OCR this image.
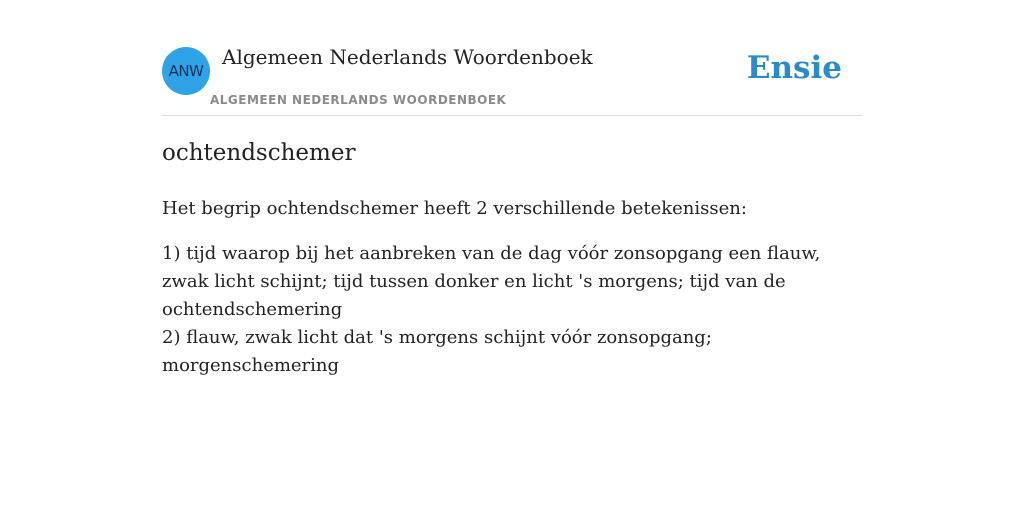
ANW
Algemeen Nederlands Woordenboek
ALGEMEEN NEDERLANDS WOORDENBOEK
Ensie
ochtendschemer

Het begrip ochtendschemer heeft 2 verschillende betekenissen:

1) tijd waarop bij het aanbreken van de dag vóór zonsopgang een flauw, zwak licht schijnt; tijd tussen donker en licht 's morgens; tijd van de ochtendschemering
2) flauw, zwak licht dat 's morgens schijnt vóór zonsopgang; morgenschemering
